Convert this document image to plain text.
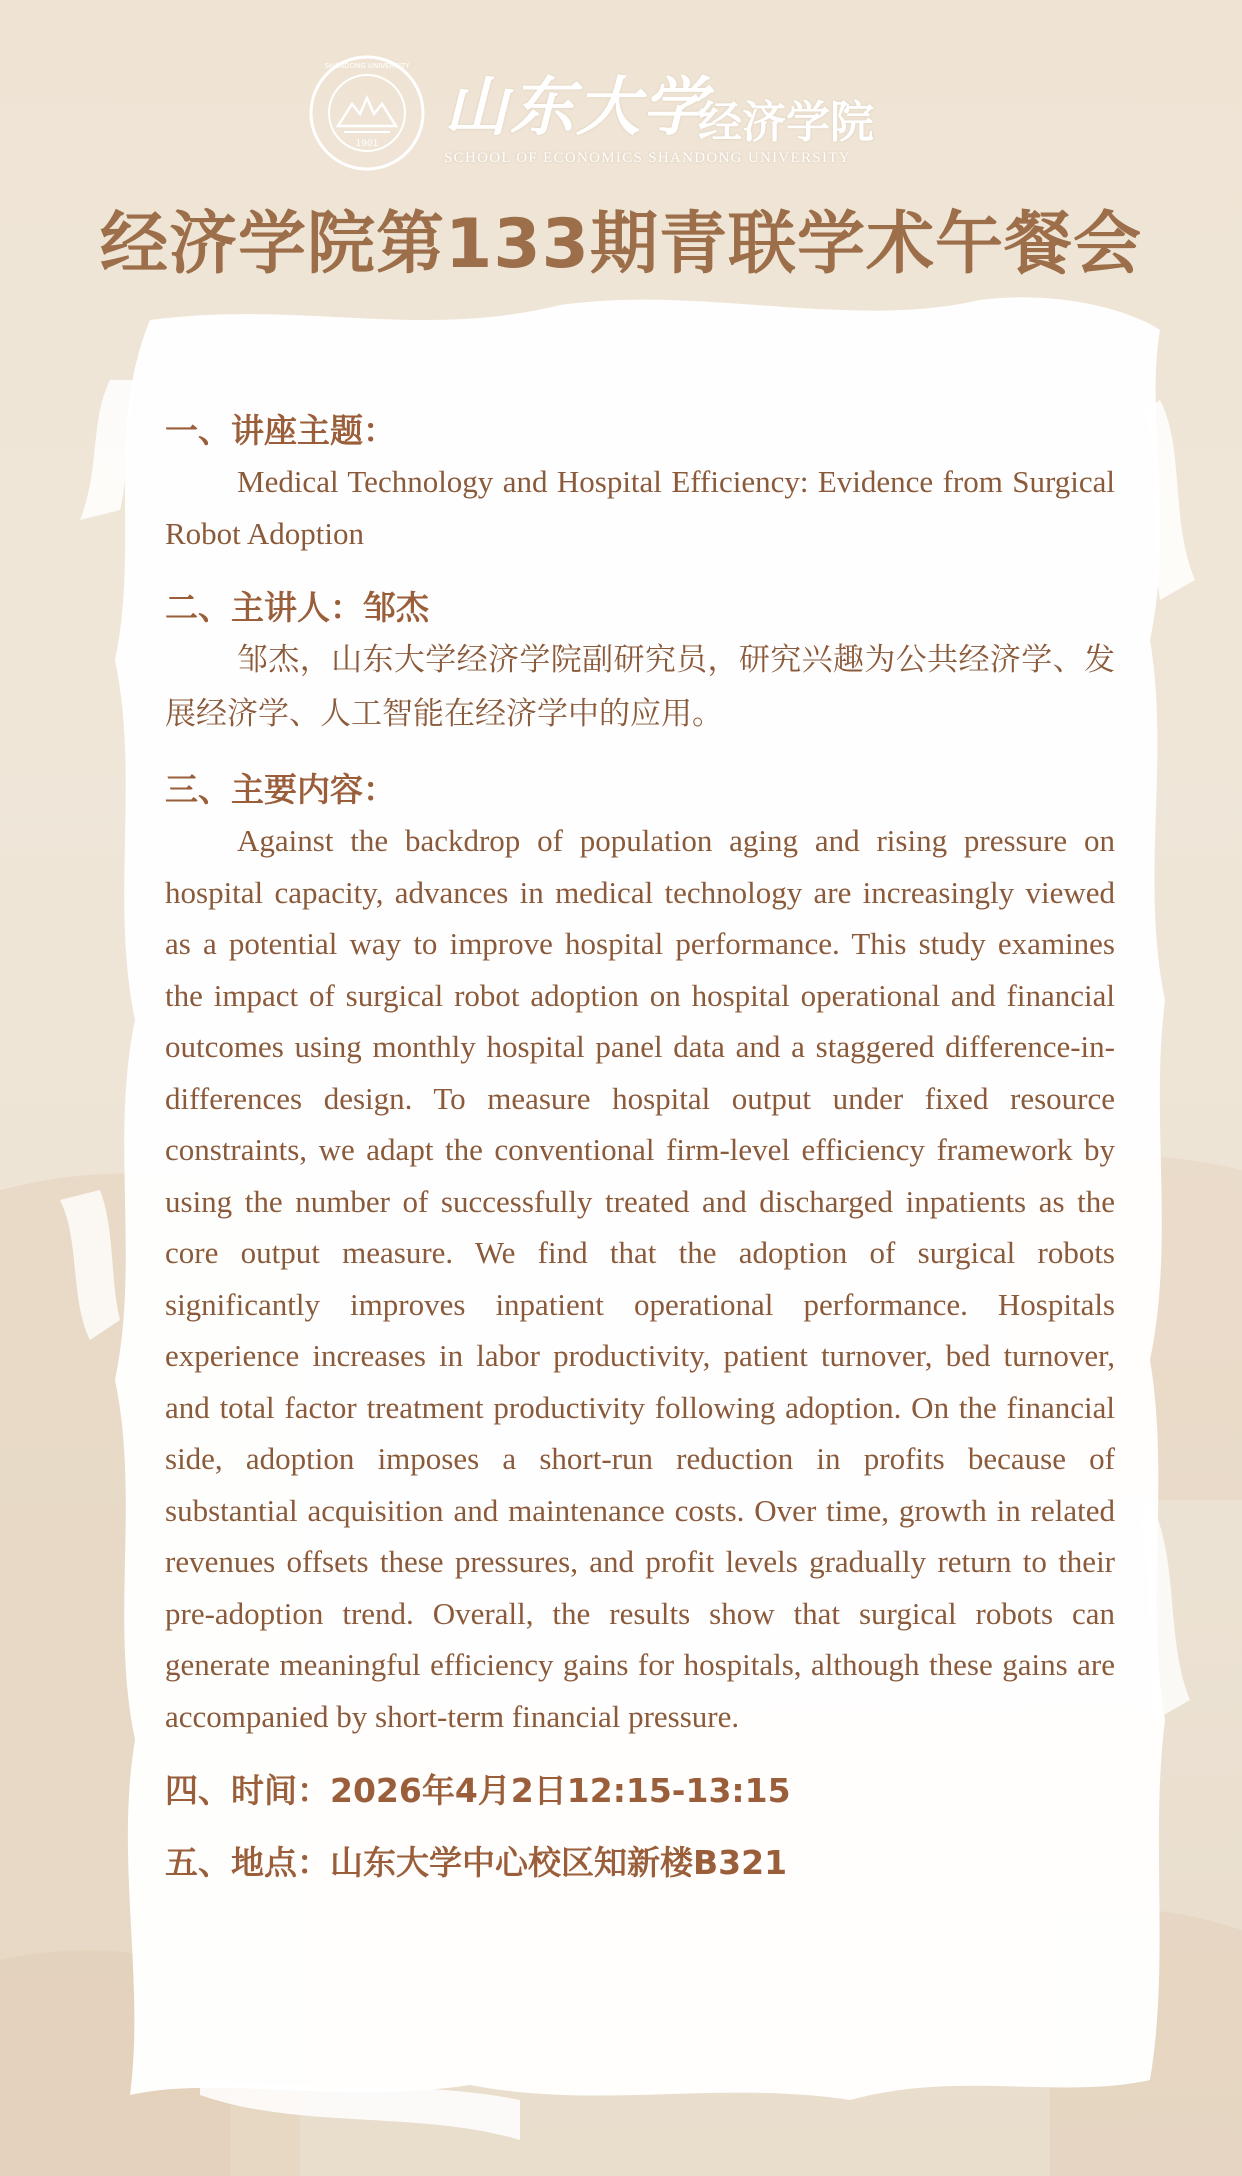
1901
SHANDONG UNIVERSITY
山东大学
经济学院
SCHOOL OF ECONOMICS SHANDONG UNIVERSITY
经济学院第133期青联学术午餐会

一、讲座主题：

Medical Technology and Hospital Efficiency: Evidence from Surgical Robot Adoption

二、主讲人：邹杰

邹杰，山东大学经济学院副研究员，研究兴趣为公共经济学、发展经济学、人工智能在经济学中的应用。

三、主要内容：

Against the backdrop of population aging and rising pressure on hospital capacity, advances in medical technology are increasingly viewed as a potential way to improve hospital performance. This study examines the impact of surgical robot adoption on hospital operational and financial outcomes using monthly hospital panel data and a staggered difference-in-differences design. To measure hospital output under fixed resource constraints, we adapt the conventional firm-level efficiency framework by using the number of successfully treated and discharged inpatients as the core output measure. We find that the adoption of surgical robots significantly improves inpatient operational performance. Hospitals experience increases in labor productivity, patient turnover, bed turnover, and total factor treatment productivity following adoption. On the financial side, adoption imposes a short-run reduction in profits because of substantial acquisition and maintenance costs. Over time, growth in related revenues offsets these pressures, and profit levels gradually return to their pre-adoption trend. Overall, the results show that surgical robots can generate meaningful efficiency gains for hospitals, although these gains are accompanied by short-term financial pressure.

四、时间：2026年4月2日12:15-13:15

五、地点：山东大学中心校区知新楼B321
